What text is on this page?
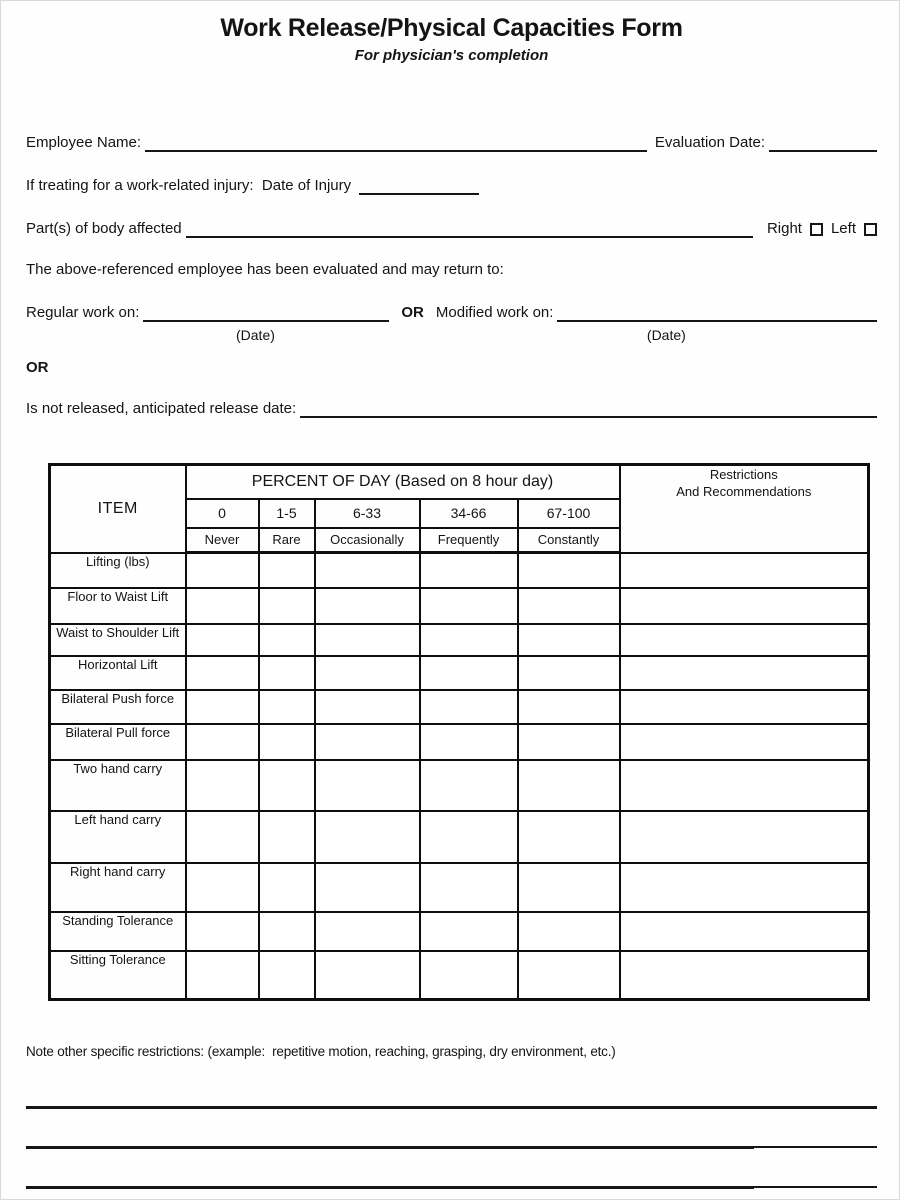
Work Release/Physical Capacities Form
For physician's completion
Employee Name:	Evaluation Date:
If treating for a work-related injury:  Date of Injury
Part(s) of body affected	Right Left
The above-referenced employee has been evaluated and may return to:
Regular work on:	OR Modified work on:
(Date)	(Date)
OR
Is not released, anticipated release date:
ITEM	PERCENT OF DAY (Based on 8 hour day)					Restrictions
And Recommendations

	0	1-5	6-33	34-66	67-100	
	Never	Rare	Occasionally	Frequently	Constantly	
Lifting (lbs)						
Floor to Waist Lift						
Waist to Shoulder Lift						
Horizontal Lift						
Bilateral Push force						
Bilateral Pull force						
Two hand carry						
Left hand carry						
Right hand carry						
Standing Tolerance						
Sitting Tolerance						
Note other specific restrictions: (example:  repetitive motion, reaching, grasping, dry environment, etc.)
